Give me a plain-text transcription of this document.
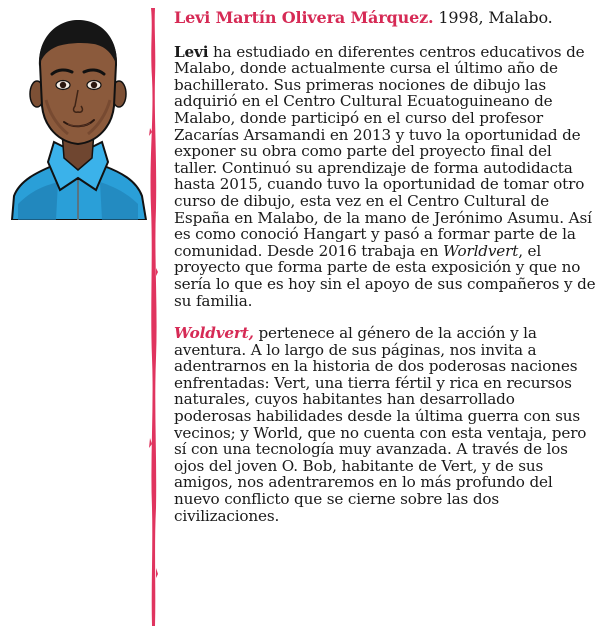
Levi Martín Olivera Márquez. 1998, Malabo.

Levi ha estudiado en diferentes centros educativos de Malabo, donde actualmente cursa el último año de bachillerato. Sus primeras nociones de dibujo las adquirió en el Centro Cultural Ecuatoguineano de Malabo, donde participó en el curso del profesor Zacarías Arsamandi en 2013 y tuvo la oportunidad de exponer su obra como parte del proyecto final del taller. Continuó su aprendizaje de forma autodidacta hasta 2015, cuando tuvo la oportunidad de tomar otro curso de dibujo, esta vez en el Centro Cultural de España en Malabo, de la mano de Jerónimo Asumu. Así es como conoció Hangart y pasó a formar parte de la comunidad. Desde 2016 trabaja en Worldvert, el proyecto que forma parte de esta exposición y que no sería lo que es hoy sin el apoyo de sus compañeros y de su familia.

Woldvert, pertenece al género de la acción y la aventura. A lo largo de sus páginas, nos invita a adentrarnos en la historia de dos poderosas naciones enfrentadas: Vert, una tierra fértil y rica en recursos naturales, cuyos habitantes han desarrollado poderosas habilidades desde la última guerra con sus vecinos; y World, que no cuenta con esta ventaja, pero sí con una tecnología muy avanzada. A través de los ojos del joven O. Bob, habitante de Vert, y de sus amigos, nos adentraremos en lo más profundo del nuevo conflicto que se cierne sobre las dos civilizaciones.
